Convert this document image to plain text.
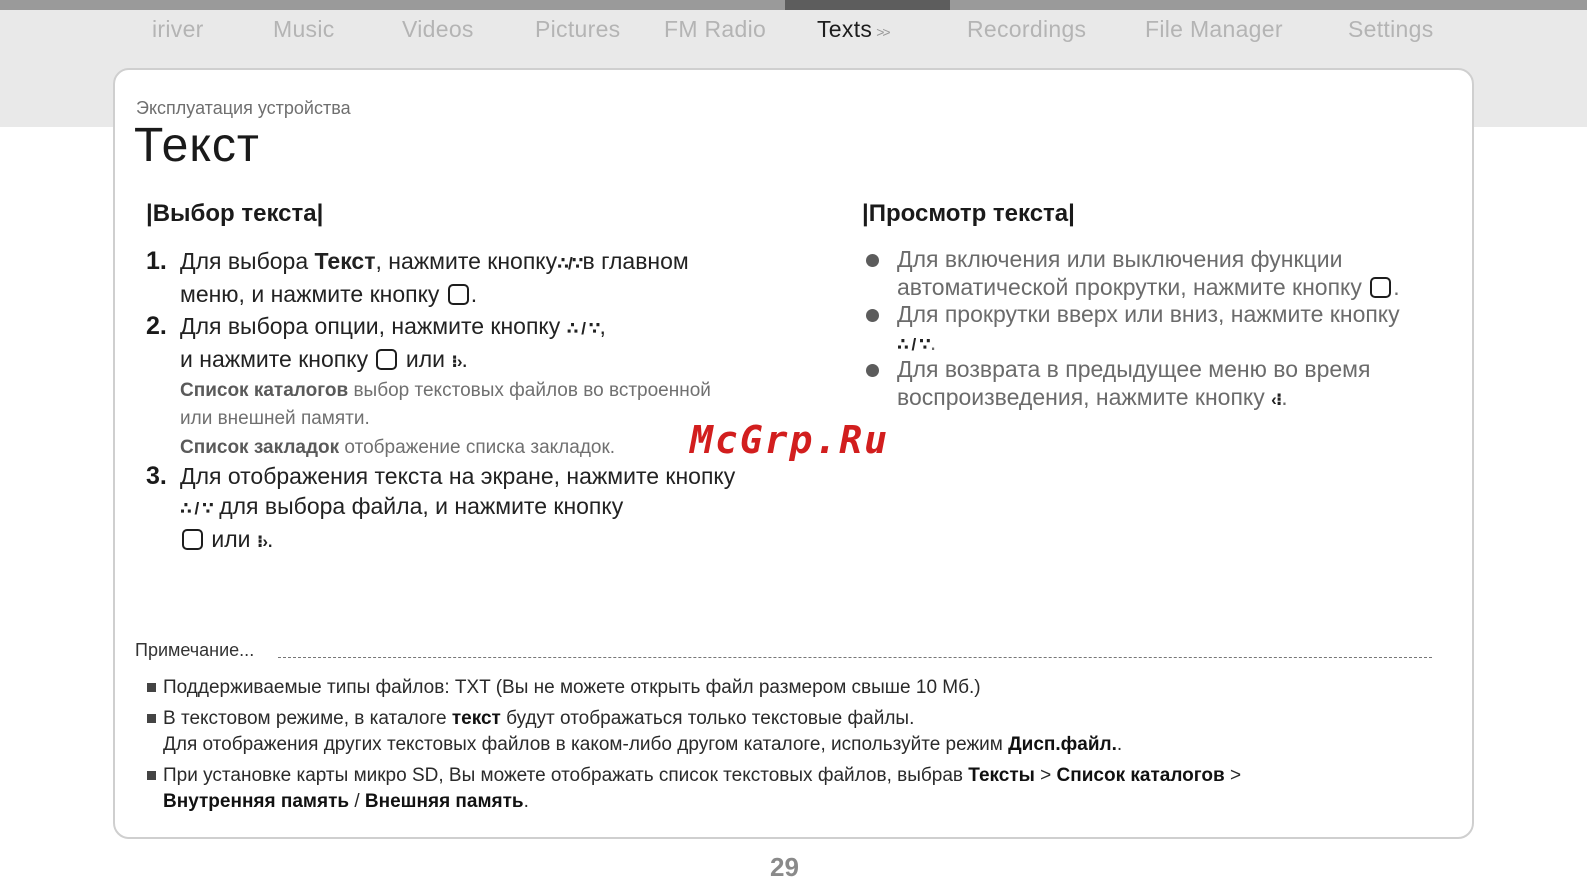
iriver	Music	Videos	Pictures FM Radio Texts >>	Recordings	File Manager	Settings
Эксплуатация устройства
Текст
|Выбор текста|
1. Для выбора Текст, нажмите кнопку∴/∵в главном
меню, и нажмите кнопку .
2. Для выбора опции, нажмите кнопку ∴ / ∵,
и нажмите кнопку или ⁝›.
Список каталогов выбор текстовых файлов во встроенной
или внешней памяти.
Список закладок отображение списка закладок.
3. Для отображения текста на экране, нажмите кнопку
∴ / ∵ для выбора файла, и нажмите кнопку
или ⁝›.
|Просмотр текста|
Для включения или выключения функции
автоматической прокрутки, нажмите кнопку .
Для прокрутки вверх или вниз, нажмите кнопку
∴ / ∵.
Для возврата в предыдущее меню во время
воспроизведения, нажмите кнопку ‹⁝.
McGrp.Ru
Примечание...
Поддерживаемые типы файлов: TXT (Вы не можете открыть файл размером свыше 10 Мб.)
В текстовом режиме, в каталоге текст будут отображаться только текстовые файлы.
Для отображения других текстовых файлов в каком-либо другом каталоге, используйте режим Дисп.файл..
При установке карты микро SD, Вы можете отображать список текстовых файлов, выбрав Тексты > Список каталогов >
Внутренняя память / Внешняя память.
29
